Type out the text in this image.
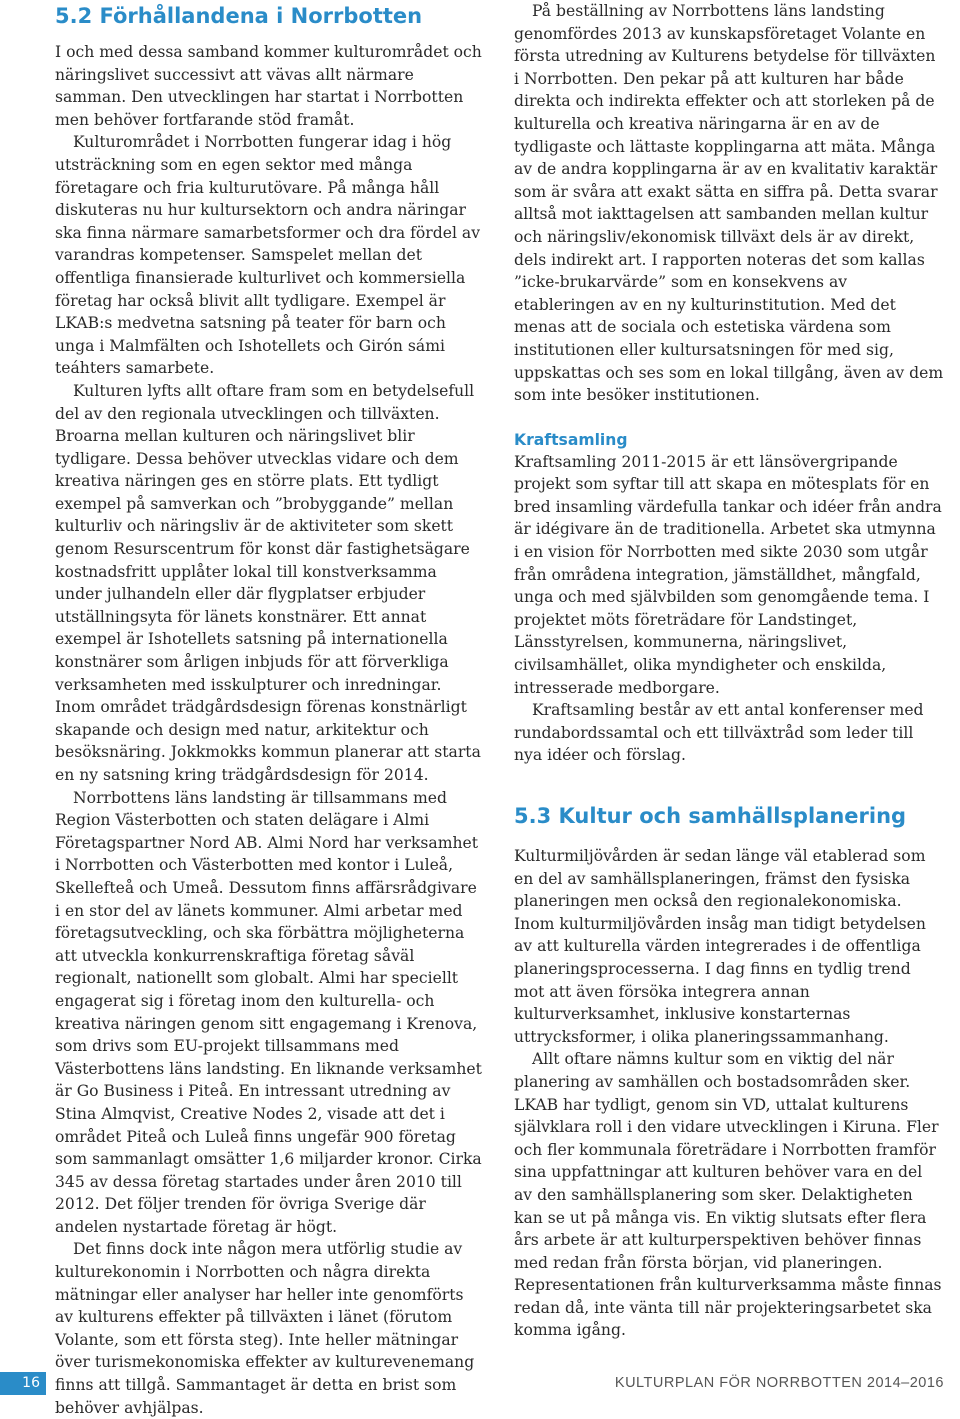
5.2 Förhållandena i Norrbotten

I och med dessa samband kommer kulturområdet och näringslivet successivt att vävas allt närmare samman. Den utvecklingen har startat i Norrbotten men behöver fortfarande stöd framåt.

Kulturområdet i Norrbotten fungerar idag i hög utsträckning som en egen sektor med många företagare och fria kulturutövare. På många håll diskuteras nu hur kultursektorn och andra näringar ska finna närmare samarbetsformer och dra fördel av varandras kompetenser. Samspelet mellan det offentliga finansierade kulturlivet och kommersiella företag har också blivit allt tydligare. Exempel är LKAB:s medvetna satsning på teater för barn och unga i Malmfälten och Ishotellets och Girón sámi teáhters samarbete.

Kulturen lyfts allt oftare fram som en betydelsefull del av den regionala utvecklingen och tillväxten. Broarna mellan kulturen och näringslivet blir tydligare. Dessa behöver utvecklas vidare och dem kreativa näringen ges en större plats. Ett tydligt exempel på samverkan och ”brobyggande” mellan kulturliv och näringsliv är de aktiviteter som skett genom Resurscentrum för konst där fastighetsägare kostnadsfritt upplåter lokal till konstverksamma under julhandeln eller där flygplatser erbjuder utställningsyta för länets konstnärer. Ett annat exempel är Ishotellets satsning på internationella konstnärer som årligen inbjuds för att förverkliga verksamheten med isskulpturer och inredningar. Inom området trädgårdsdesign förenas konstnärligt skapande och design med natur, arkitektur och besöksnäring. Jokkmokks kommun planerar att starta en ny satsning kring trädgårdsdesign för 2014.

Norrbottens läns landsting är tillsammans med Region Västerbotten och staten delägare i Almi Företagspartner Nord AB. Almi Nord har verksamhet i Norrbotten och Västerbotten med kontor i Luleå, Skellefteå och Umeå. Dessutom finns affärsrådgivare i en stor del av länets kommuner. Almi arbetar med företagsutveckling, och ska förbättra möjligheterna att utveckla konkurrenskraftiga företag såväl regionalt, nationellt som globalt. Almi har speciellt engagerat sig i företag inom den kulturella- och kreativa näringen genom sitt engagemang i Krenova, som drivs som EU-projekt tillsammans med Västerbottens läns landsting. En liknande verksamhet är Go Business i Piteå. En intressant utredning av Stina Almqvist, Creative Nodes 2, visade att det i området Piteå och Luleå finns ungefär 900 företag som sammanlagt omsätter 1,6 miljarder kronor. Cirka 345 av dessa företag startades under åren 2010 till 2012. Det följer trenden för övriga Sverige där andelen nystartade företag är högt.

Det finns dock inte någon mera utförlig studie av kulturekonomin i Norrbotten och några direkta mätningar eller analyser har heller inte genomförts av kulturens effekter på tillväxten i länet (förutom Volante, som ett första steg). Inte heller mätningar över turismekonomiska effekter av kulturevenemang finns att tillgå. Sammantaget är detta en brist som behöver avhjälpas.

På beställning av Norrbottens läns landsting genomfördes 2013 av kunskapsföretaget Volante en första utredning av Kulturens betydelse för tillväxten i Norrbotten. Den pekar på att kulturen har både direkta och indirekta effekter och att storleken på de kulturella och kreativa näringarna är en av de tydligaste och lättaste kopplingarna att mäta. Många av de andra kopplingarna är av en kvalitativ karaktär som är svåra att exakt sätta en siffra på. Detta svarar alltså mot iakttagelsen att sambanden mellan kultur och näringsliv/ekonomisk tillväxt dels är av direkt, dels indirekt art. I rapporten noteras det som kallas ”icke-brukarvärde” som en konsekvens av etableringen av en ny kulturinstitution. Med det menas att de sociala och estetiska värdena som institutionen eller kultursatsningen för med sig, uppskattas och ses som en lokal tillgång, även av dem som inte besöker institutionen.

Kraftsamling

Kraftsamling 2011-2015 är ett länsövergripande projekt som syftar till att skapa en mötesplats för en bred insamling värdefulla tankar och idéer från andra är idégivare än de traditionella. Arbetet ska utmynna i en vision för Norrbotten med sikte 2030 som utgår från områdena integration, jämställdhet, mångfald, unga och med självbilden som genomgående tema. I projektet möts företrädare för Landstinget, Länsstyrelsen, kommunerna, näringslivet, civilsamhället, olika myndigheter och enskilda, intresserade medborgare.

Kraftsamling består av ett antal konferenser med rundabordssamtal och ett tillväxtråd som leder till nya idéer och förslag.

5.3 Kultur och samhällsplanering

Kulturmiljövården är sedan länge väl etablerad som en del av samhällsplaneringen, främst den fysiska planeringen men också den regionalekonomiska. Inom kulturmiljövården insåg man tidigt betydelsen av att kulturella värden integrerades i de offentliga planeringsprocesserna. I dag finns en tydlig trend mot att även försöka integrera annan kulturverksamhet, inklusive konstarternas uttrycksformer, i olika planeringssammanhang.

Allt oftare nämns kultur som en viktig del när planering av samhällen och bostadsområden sker. LKAB har tydligt, genom sin VD, uttalat kulturens självklara roll i den vidare utvecklingen i Kiruna. Fler och fler kommunala företrädare i Norrbotten framför sina uppfattningar att kulturen behöver vara en del av den samhällsplanering som sker. Delaktigheten kan se ut på många vis. En viktig slutsats efter flera års arbete är att kulturperspektiven behöver finnas med redan från första början, vid planeringen. Representationen från kulturverksamma måste finnas redan då, inte vänta till när projekteringsarbetet ska komma igång.

16	KULTURPLAN FÖR NORRBOTTEN 2014–2016
